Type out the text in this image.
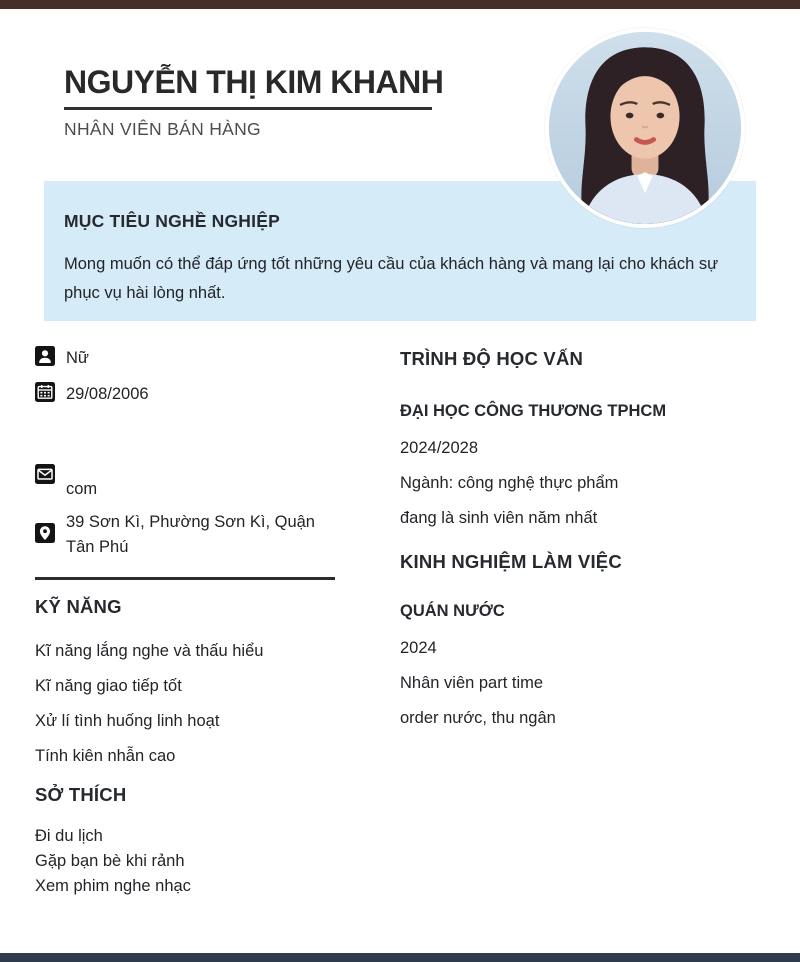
NGUYỄN THỊ KIM KHANH
NHÂN VIÊN BÁN HÀNG
MỤC TIÊU NGHỀ NGHIỆP
Mong muốn có thể đáp ứng tốt những yêu cầu của khách hàng và mang lại cho khách sự phục vụ hài lòng nhất.
Nữ
29/08/2006
com
39 Sơn Kì, Phường Sơn Kì, Quận Tân Phú
KỸ NĂNG
Kĩ năng lắng nghe và thấu hiểu
Kĩ năng giao tiếp tốt
Xử lí tình huống linh hoạt
Tính kiên nhẫn cao
SỞ THÍCH
Đi du lịch
Gặp bạn bè khi rảnh
Xem phim nghe nhạc
TRÌNH ĐỘ HỌC VẤN

ĐẠI HỌC CÔNG THƯƠNG TPHCM

2024/2028

Ngành: công nghệ thực phẩm

đang là sinh viên năm nhất

KINH NGHIỆM LÀM VIỆC

QUÁN NƯỚC

2024

Nhân viên part time

order nước, thu ngân
